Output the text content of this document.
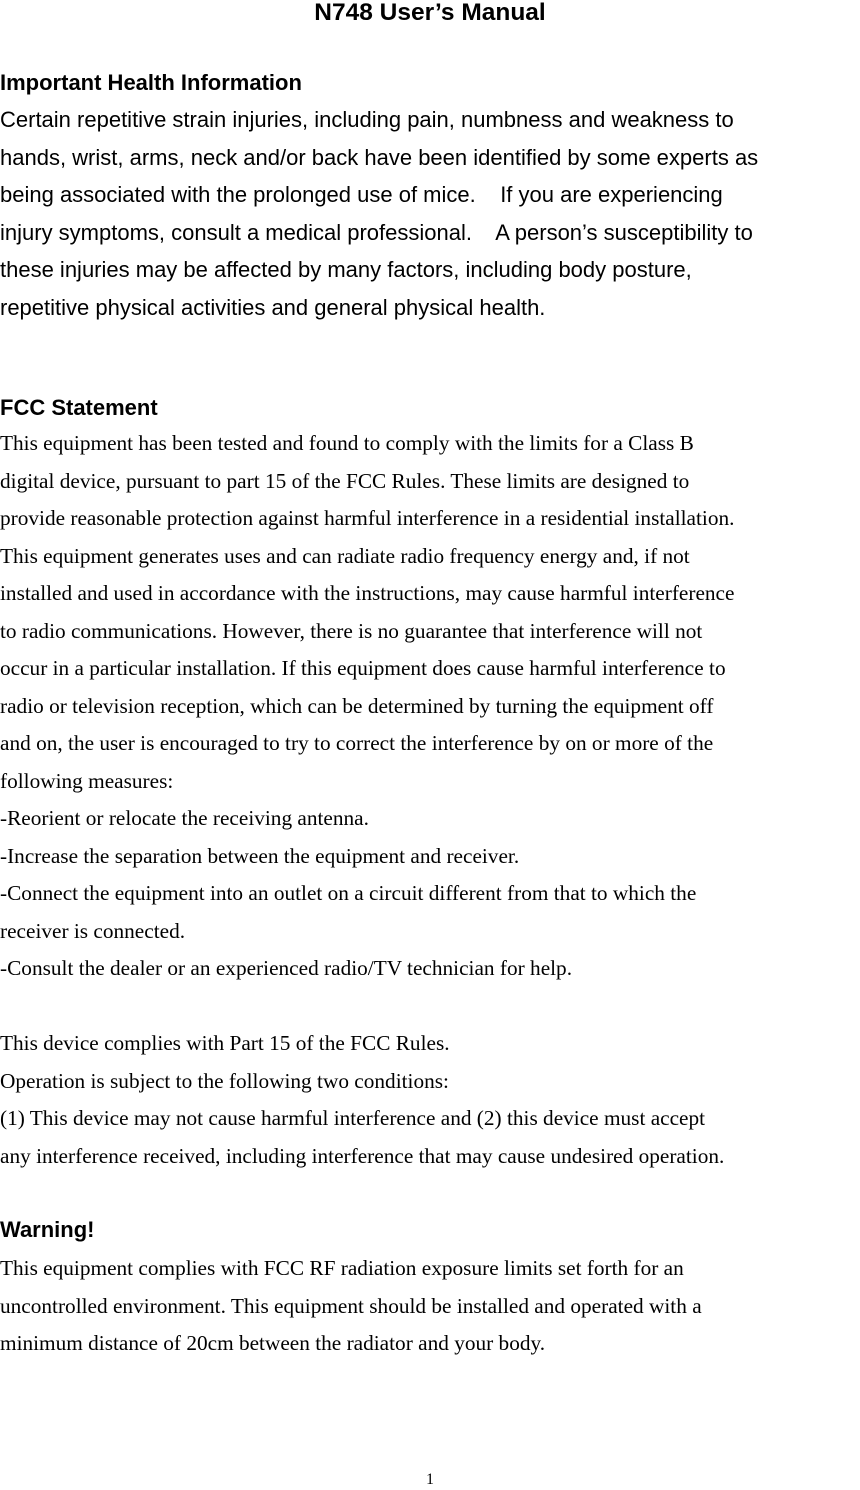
N748 User’s Manual
Important Health Information
Certain repetitive strain injuries, including pain, numbness and weakness to
hands, wrist, arms, neck and/or back have been identified by some experts as
being associated with the prolonged use of mice.    If you are experiencing
injury symptoms, consult a medical professional.    A person’s susceptibility to
these injuries may be affected by many factors, including body posture,
repetitive physical activities and general physical health.
FCC Statement
This equipment has been tested and found to comply with the limits for a Class B
digital device, pursuant to part 15 of the FCC Rules. These limits are designed to
provide reasonable protection against harmful interference in a residential installation.
This equipment generates uses and can radiate radio frequency energy and, if not
installed and used in accordance with the instructions, may cause harmful interference
to radio communications. However, there is no guarantee that interference will not
occur in a particular installation. If this equipment does cause harmful interference to
radio or television reception, which can be determined by turning the equipment off
and on, the user is encouraged to try to correct the interference by on or more of the
following measures:
-Reorient or relocate the receiving antenna.
-Increase the separation between the equipment and receiver.
-Connect the equipment into an outlet on a circuit different from that to which the
receiver is connected.
-Consult the dealer or an experienced radio/TV technician for help.
This device complies with Part 15 of the FCC Rules.
Operation is subject to the following two conditions:
(1) This device may not cause harmful interference and (2) this device must accept
any interference received, including interference that may cause undesired operation.
Warning!
This equipment complies with FCC RF radiation exposure limits set forth for an
uncontrolled environment. This equipment should be installed and operated with a
minimum distance of 20cm between the radiator and your body.
1
